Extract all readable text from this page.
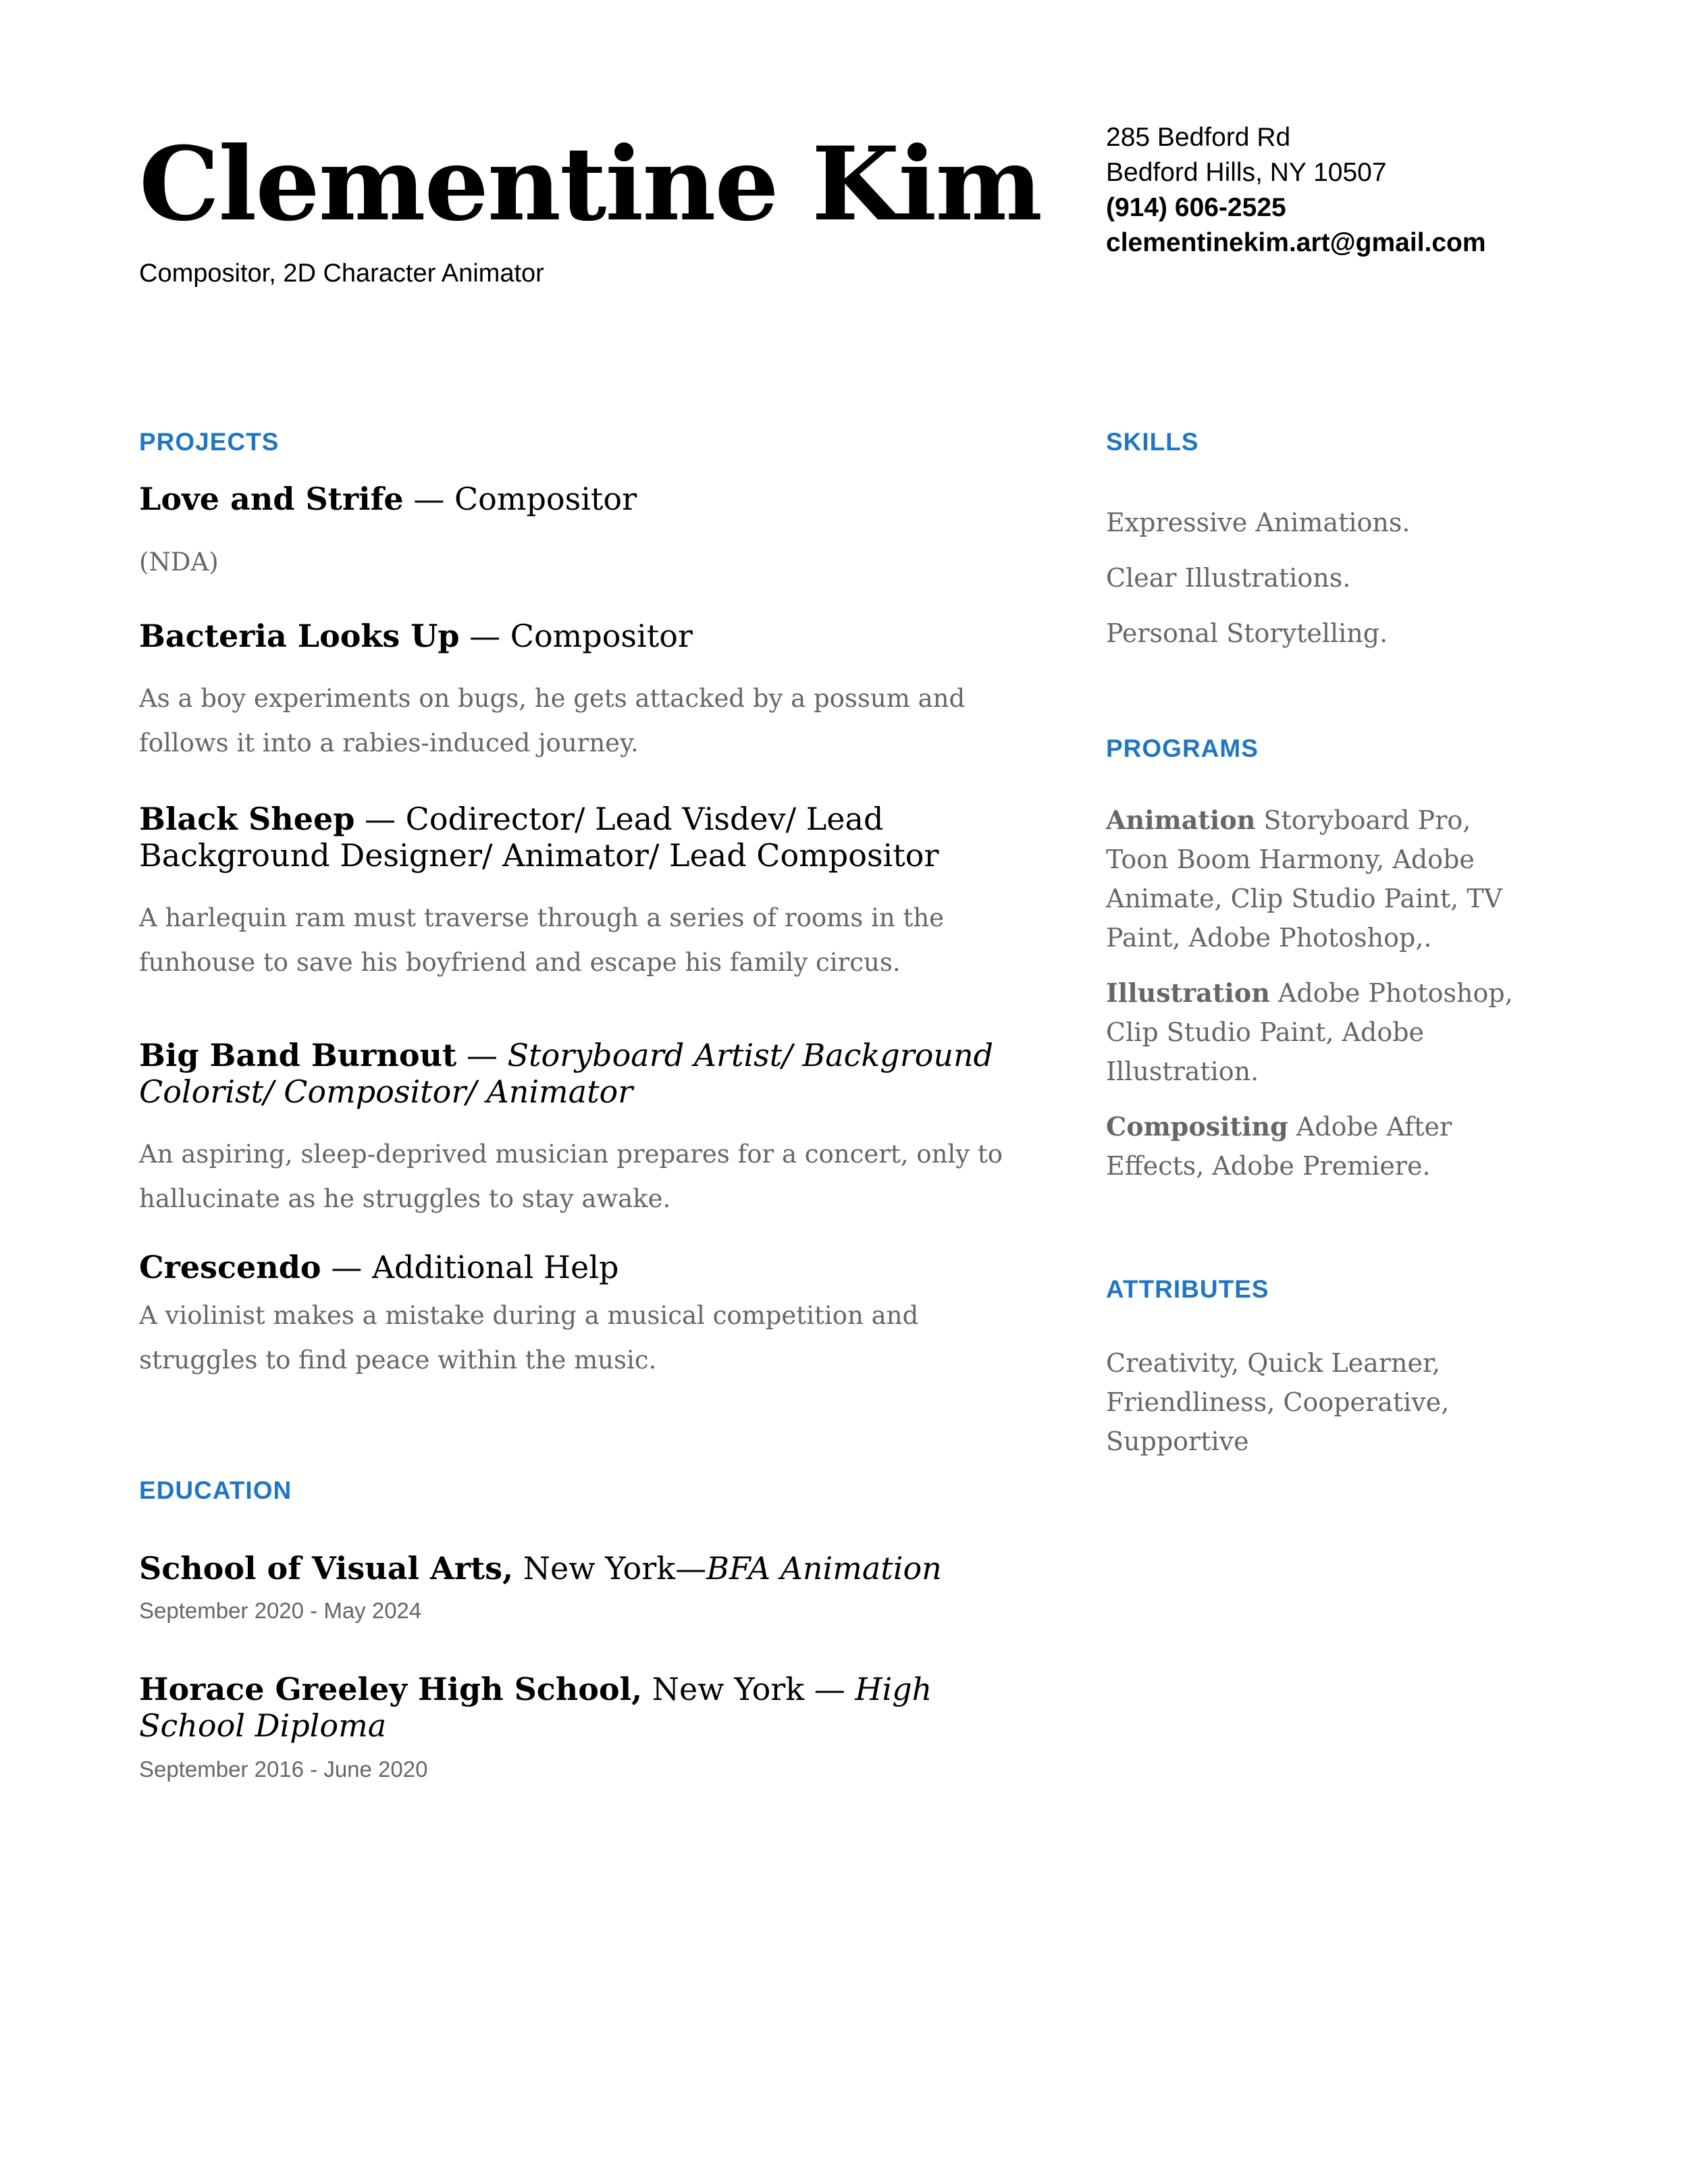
Clementine Kim
Compositor, 2D Character Animator
285 Bedford Rd
Bedford Hills, NY 10507
(914) 606-2525
clementinekim.art@gmail.com
PROJECTS

Love and Strife — Compositor

(NDA)

Bacteria Looks Up — Compositor

As a boy experiments on bugs, he gets attacked by a possum and follows it into a rabies-induced journey.

Black Sheep — Codirector/ Lead Visdev/ Lead Background Designer/ Animator/ Lead Compositor

A harlequin ram must traverse through a series of rooms in the funhouse to save his boyfriend and escape his family circus.

Big Band Burnout — Storyboard Artist/ Background Colorist/ Compositor/ Animator

An aspiring, sleep-deprived musician prepares for a concert, only to hallucinate as he struggles to stay awake.

Crescendo — Additional Help

A violinist makes a mistake during a musical competition and struggles to find peace within the music.

EDUCATION

School of Visual Arts, New York—BFA Animation

September 2020 - May 2024

Horace Greeley High School, New York — High School Diploma

September 2016 - June 2020
SKILLS
Expressive Animations.
Clear Illustrations.
Personal Storytelling.
PROGRAMS
Animation Storyboard Pro, Toon Boom Harmony, Adobe Animate, Clip Studio Paint, TV Paint, Adobe Photoshop,.
Illustration Adobe Photoshop, Clip Studio Paint, Adobe Illustration.
Compositing Adobe After Effects, Adobe Premiere.
ATTRIBUTES
Creativity, Quick Learner, Friendliness, Cooperative, Supportive
